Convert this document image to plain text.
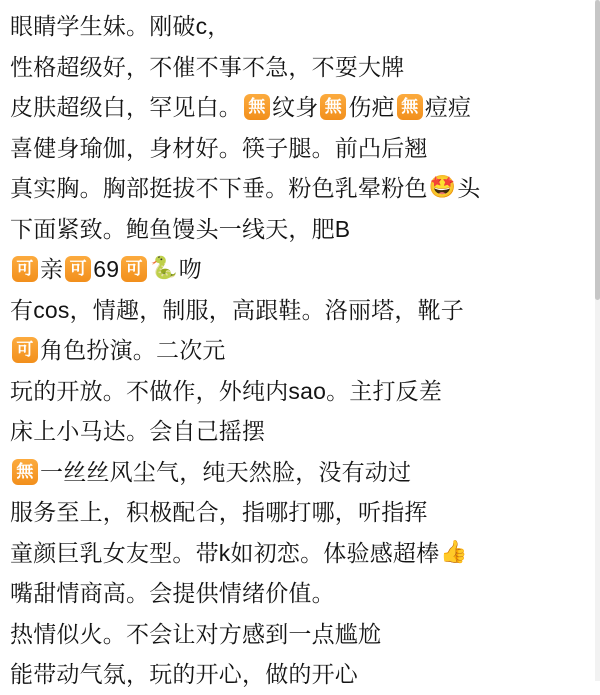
眼睛学生妹。刚破c，
性格超级好，不催不事不急，不耍大牌
皮肤超级白，罕见白。 無 纹身 無 伤疤 無 痘痘
喜健身瑜伽，身材好。筷子腿。前凸后翘
真实胸。胸部挺拔不下垂。粉色乳晕粉色 🤩 头
下面紧致。鲍鱼馒头一线天，肥B
可 亲 可 69 可 🐍 吻
有cos，情趣，制服，高跟鞋。洛丽塔，靴子
可 角色扮演。二次元
玩的开放。不做作，外纯内sao。主打反差
床上小马达。会自己摇摆
無 一丝丝风尘气，纯天然脸，没有动过
服务至上，积极配合，指哪打哪，听指挥
童颜巨乳女友型。带k如初恋。体验感超棒 👍
嘴甜情商高。会提供情绪价值。
热情似火。不会让对方感到一点尴尬
能带动气氛，玩的开心，做的开心
